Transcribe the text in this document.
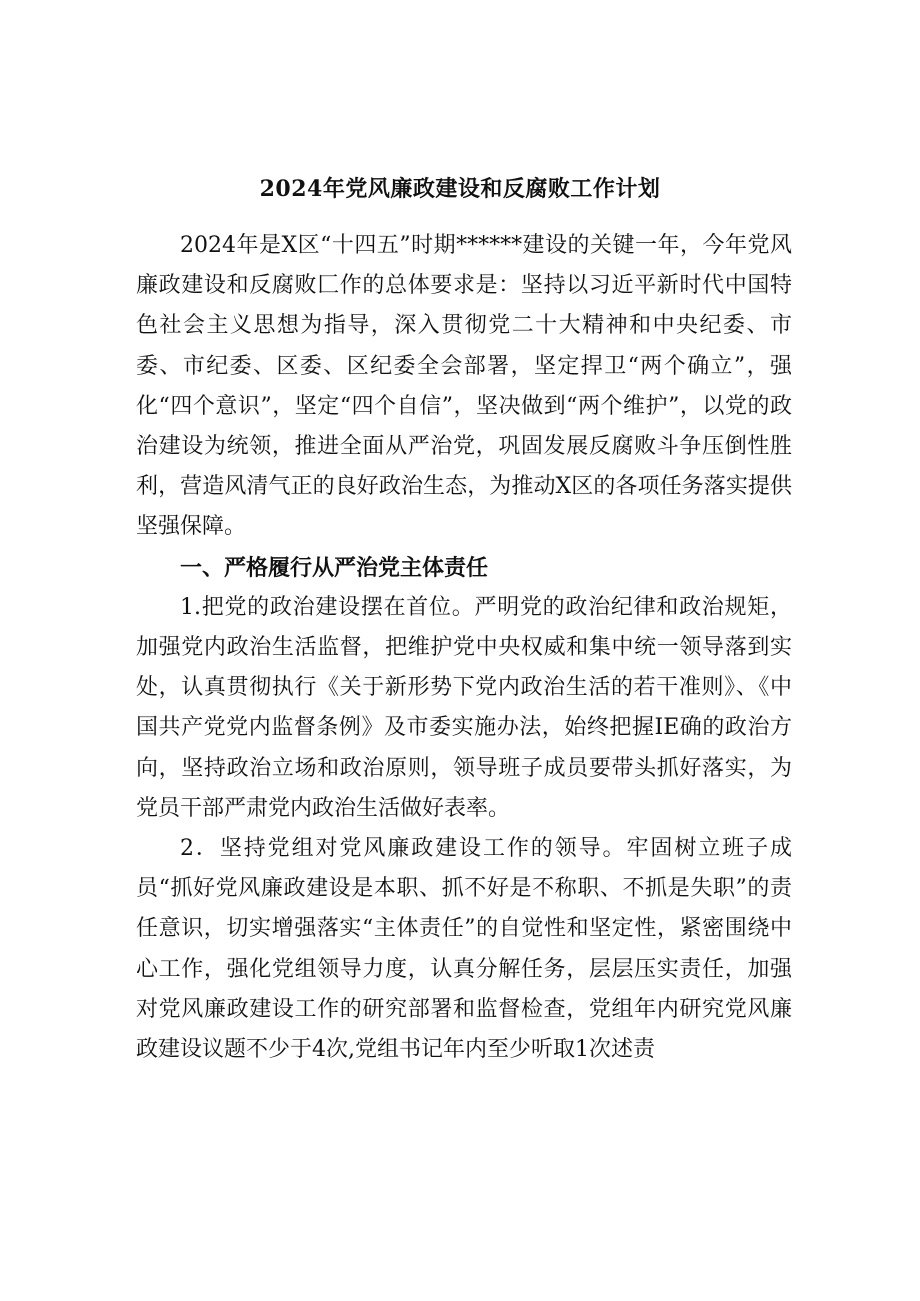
2024年党风廉政建设和反腐败工作计划

2024年是X区“十四五”时期******建设的关键一年，今年党风廉政建设和反腐败匚作的总体要求是：坚持以习近平新时代中国特色社会主义思想为指导，深入贯彻党二十大精神和中央纪委、市委、市纪委、区委、区纪委全会部署，坚定捍卫“两个确立”，强化“四个意识”，坚定“四个自信”，坚决做到“两个维护”，以党的政治建设为统领，推进全面从严治党，巩固发展反腐败斗争压倒性胜利，营造风清气正的良好政治生态，为推动X区的各项任务落实提供坚强保障。

一、严格履行从严治党主体责任

1.把党的政治建设摆在首位。严明党的政治纪律和政治规矩，加强党内政治生活监督，把维护党中央权威和集中统一领导落到实处，认真贯彻执行《关于新形势下党内政治生活的若干准则》、《中国共产党党内监督条例》及市委实施办法，始终把握IE确的政治方向，坚持政治立场和政治原则，领导班子成员要带头抓好落实，为党员干部严肃党内政治生活做好表率。

2．坚持党组对党风廉政建设工作的领导。牢固树立班子成员“抓好党风廉政建设是本职、抓不好是不称职、不抓是失职”的责任意识，切实增强落实“主体责任”的自觉性和坚定性，紧密围绕中心工作，强化党组领导力度，认真分解任务，层层压实责任，加强对党风廉政建设工作的研究部署和监督检查，党组年内研究党风廉政建设议题不少于4次,党组书记年内至少听取1次述责
